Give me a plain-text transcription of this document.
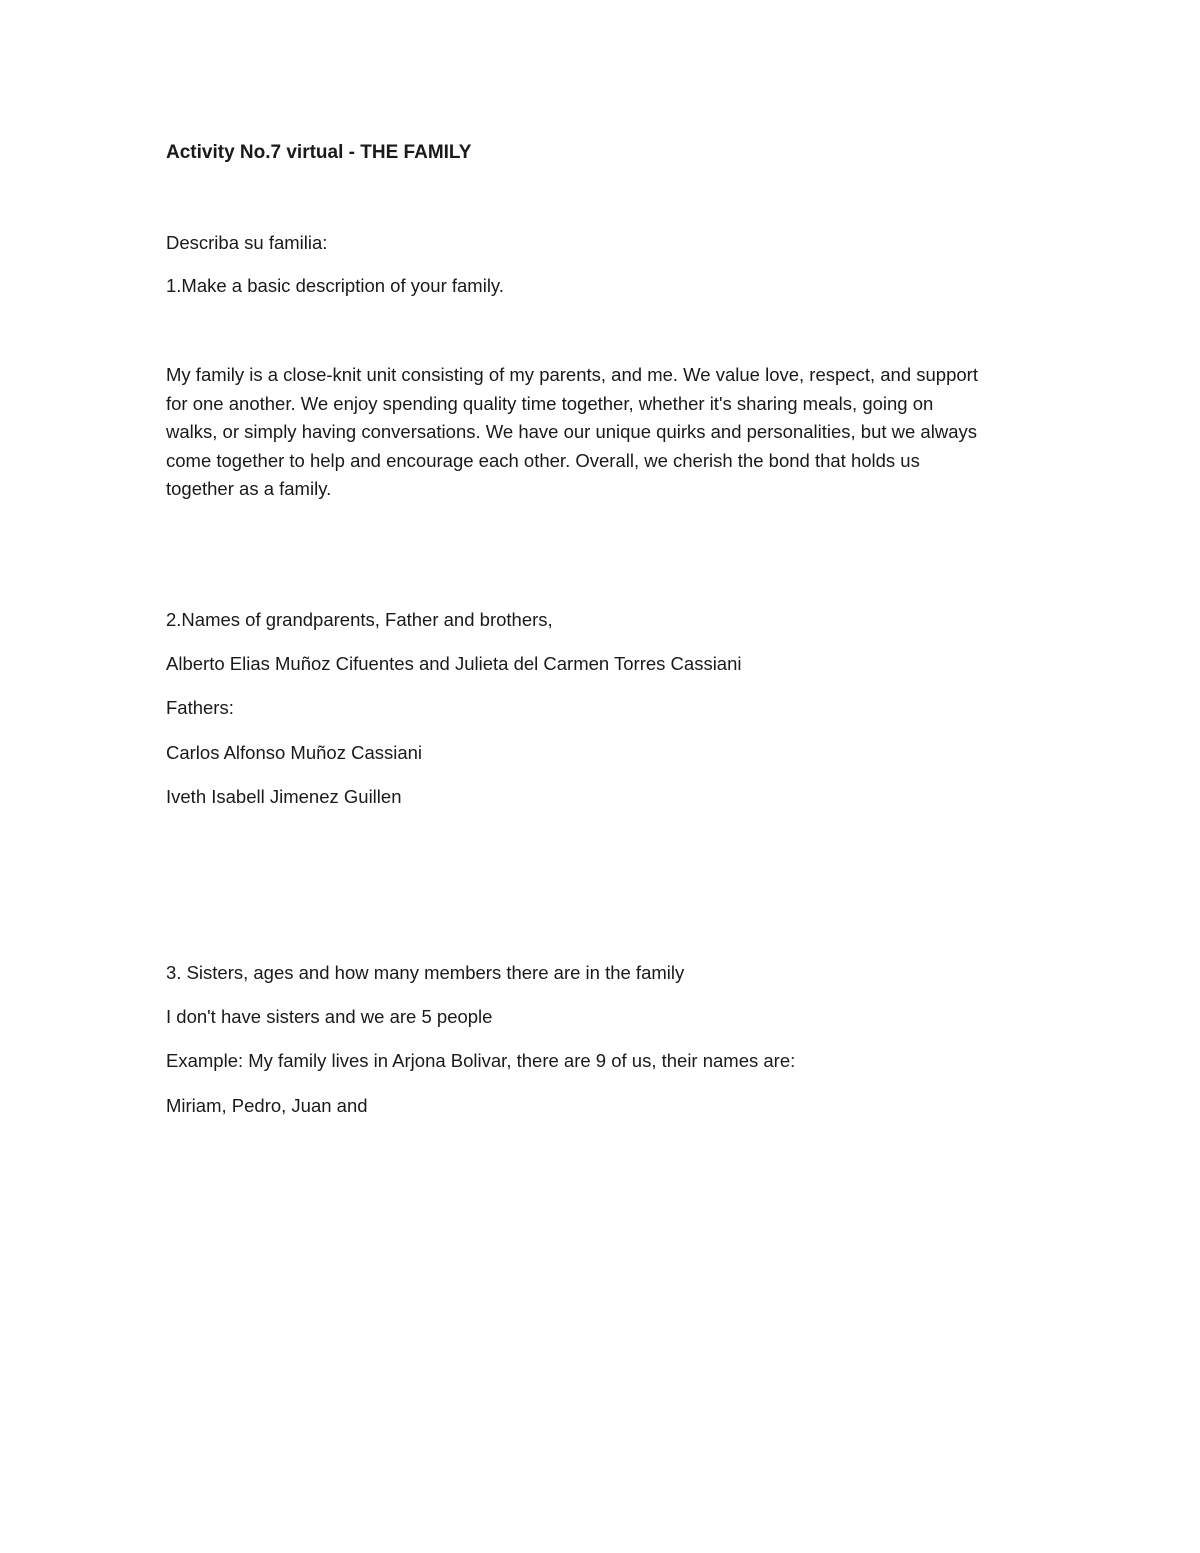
Activity No.7 virtual - THE FAMILY

Describa su familia:

1.Make a basic description of your family.

My family is a close-knit unit consisting of my parents, and me. We value love, respect, and support
for one another. We enjoy spending quality time together, whether it's sharing meals, going on
walks, or simply having conversations. We have our unique quirks and personalities, but we always
come together to help and encourage each other. Overall, we cherish the bond that holds us
together as a family.

2.Names of grandparents, Father and brothers,

Alberto Elias Muñoz Cifuentes and Julieta del Carmen Torres Cassiani

Fathers:

Carlos Alfonso Muñoz Cassiani

Iveth Isabell Jimenez Guillen

3. Sisters, ages and how many members there are in the family

I don't have sisters and we are 5 people

Example: My family lives in Arjona Bolivar, there are 9 of us, their names are:

Miriam, Pedro, Juan and
